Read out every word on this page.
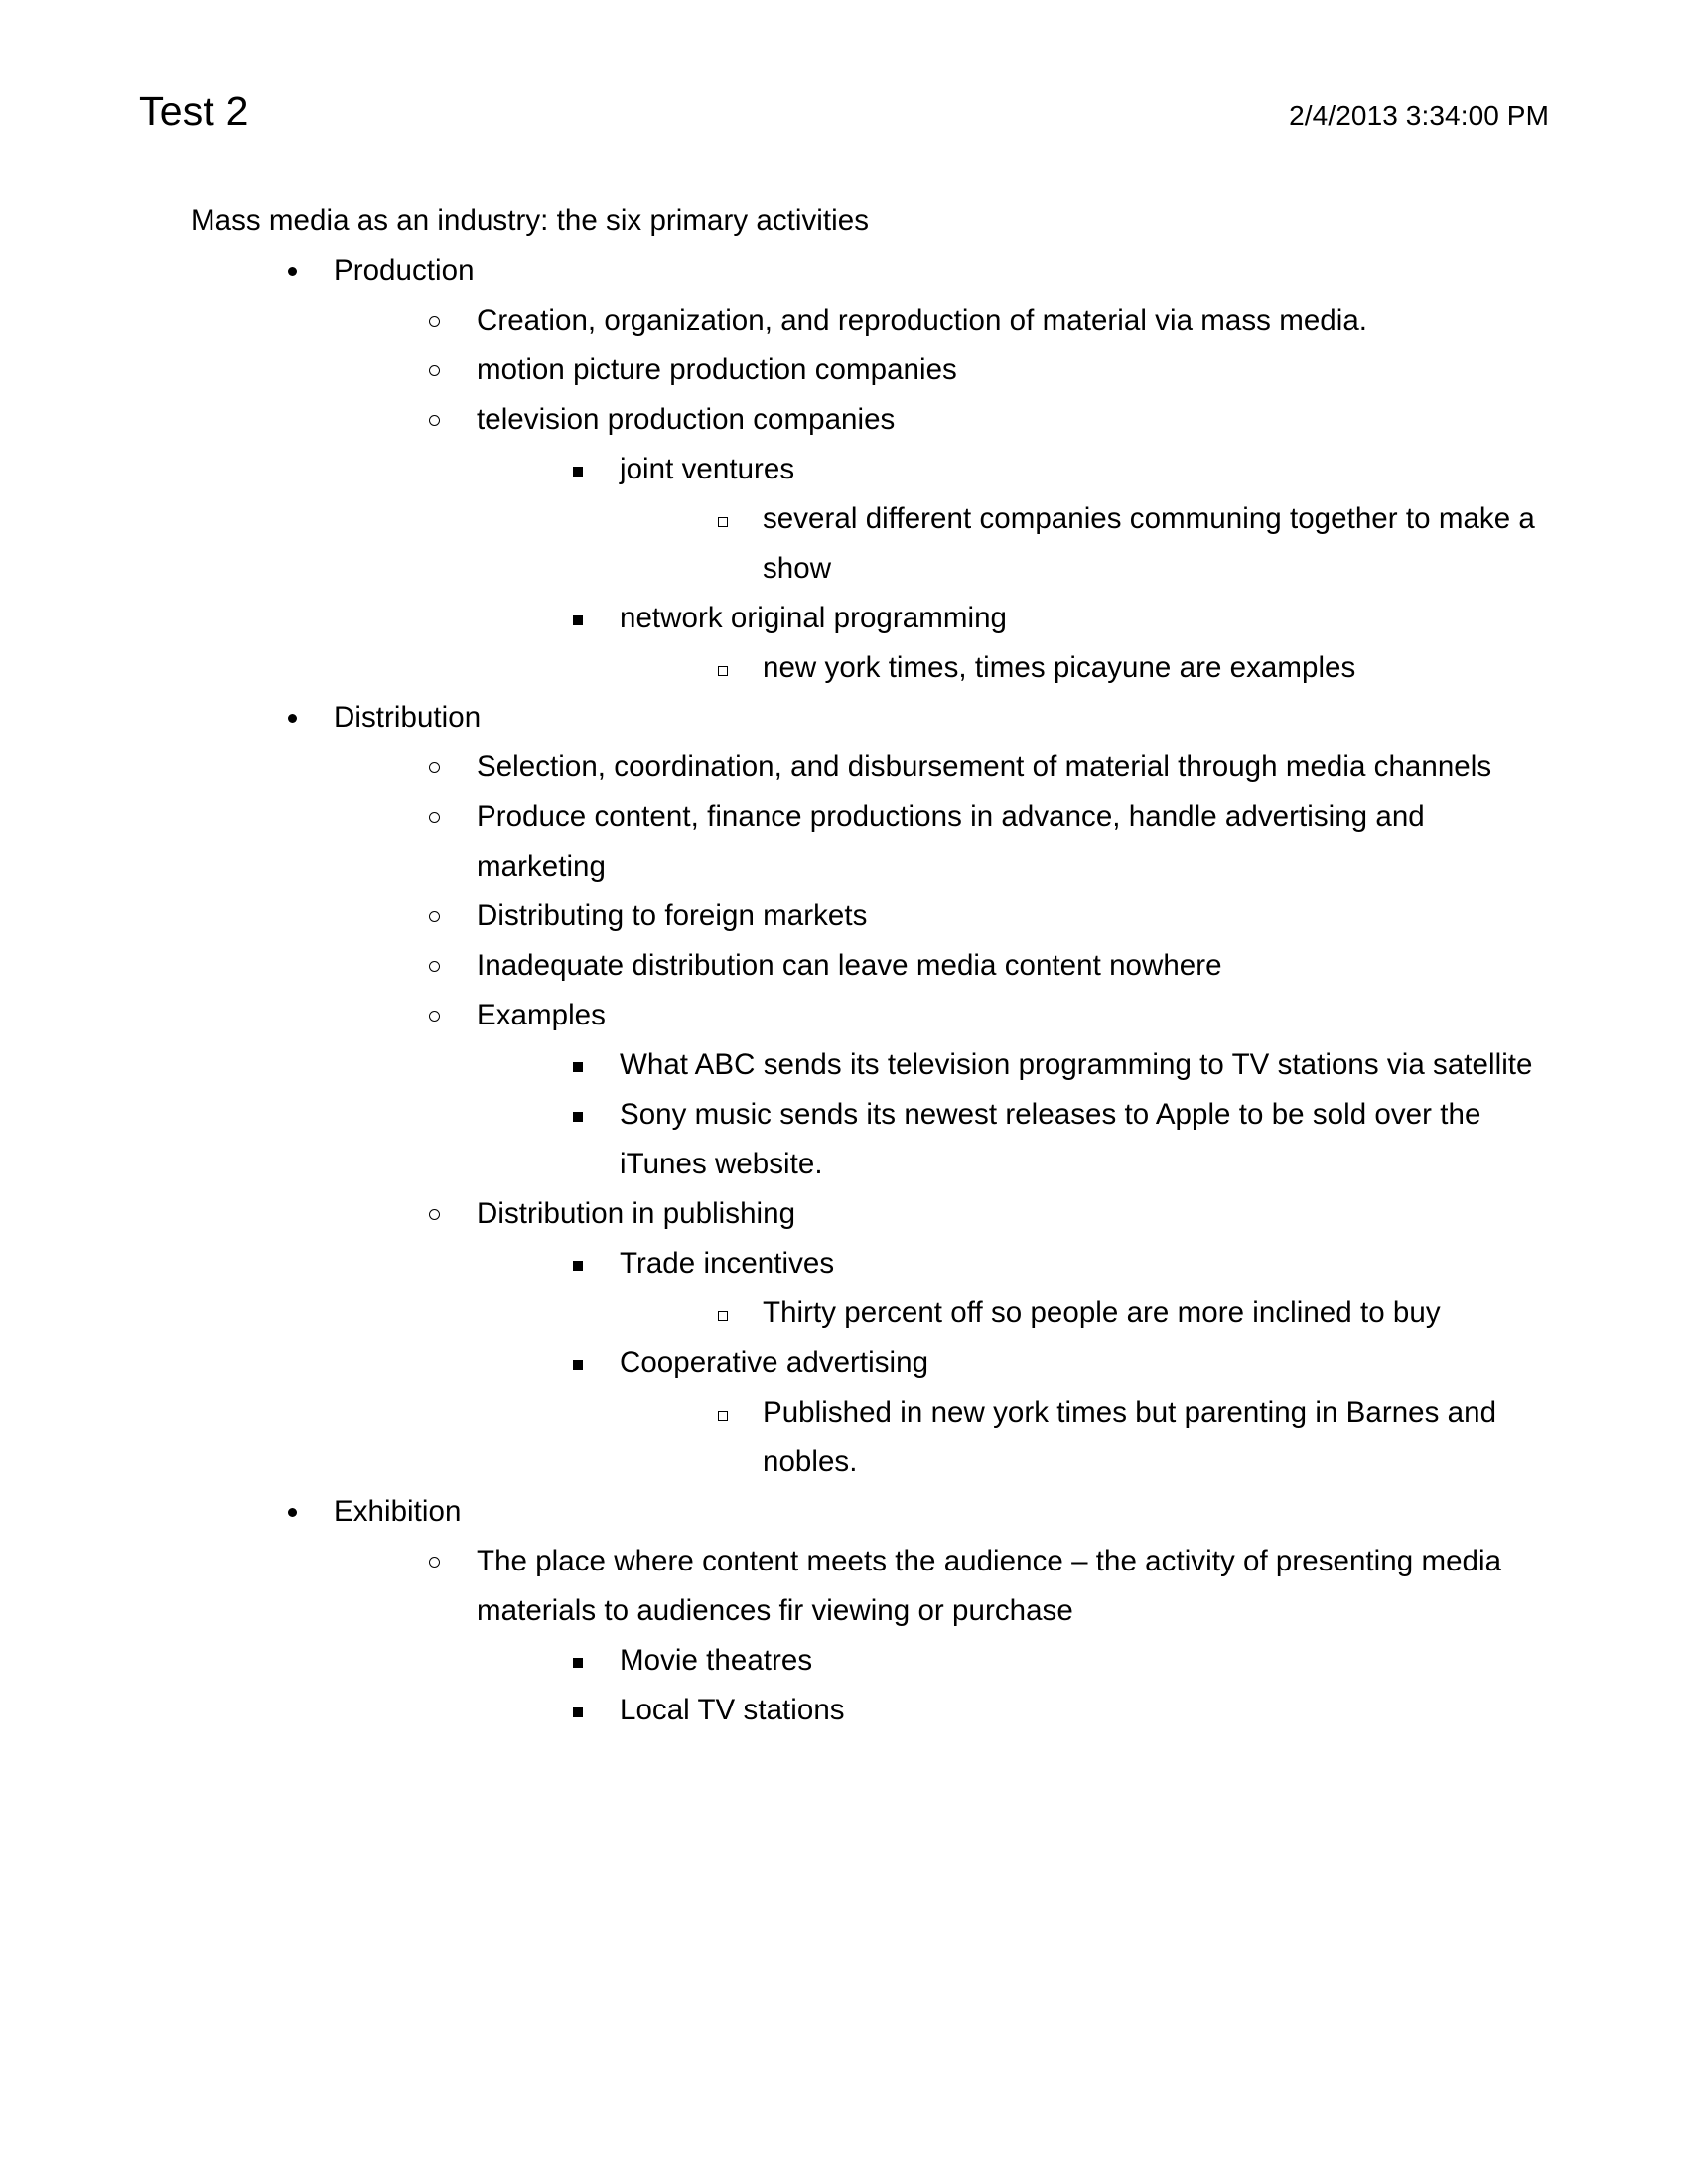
Test 2	2/4/2013 3:34:00 PM
Mass media as an industry: the six primary activities
Production
Creation, organization, and reproduction of material via mass media.
motion picture production companies
television production companies
joint ventures
several different companies communing together to make a show
network original programming
new york times, times picayune are examples
Distribution
Selection, coordination, and disbursement of material through media channels
Produce content, finance productions in advance, handle advertising and marketing
Distributing to foreign markets
Inadequate distribution can leave media content nowhere
Examples
What ABC sends its television programming to TV stations via satellite
Sony music sends its newest releases to Apple to be sold over the iTunes website.
Distribution in publishing
Trade incentives
Thirty percent off so people are more inclined to buy
Cooperative advertising
Published in new york times but parenting in Barnes and nobles.
Exhibition
The place where content meets the audience – the activity of presenting media materials to audiences fir viewing or purchase
Movie theatres
Local TV stations
